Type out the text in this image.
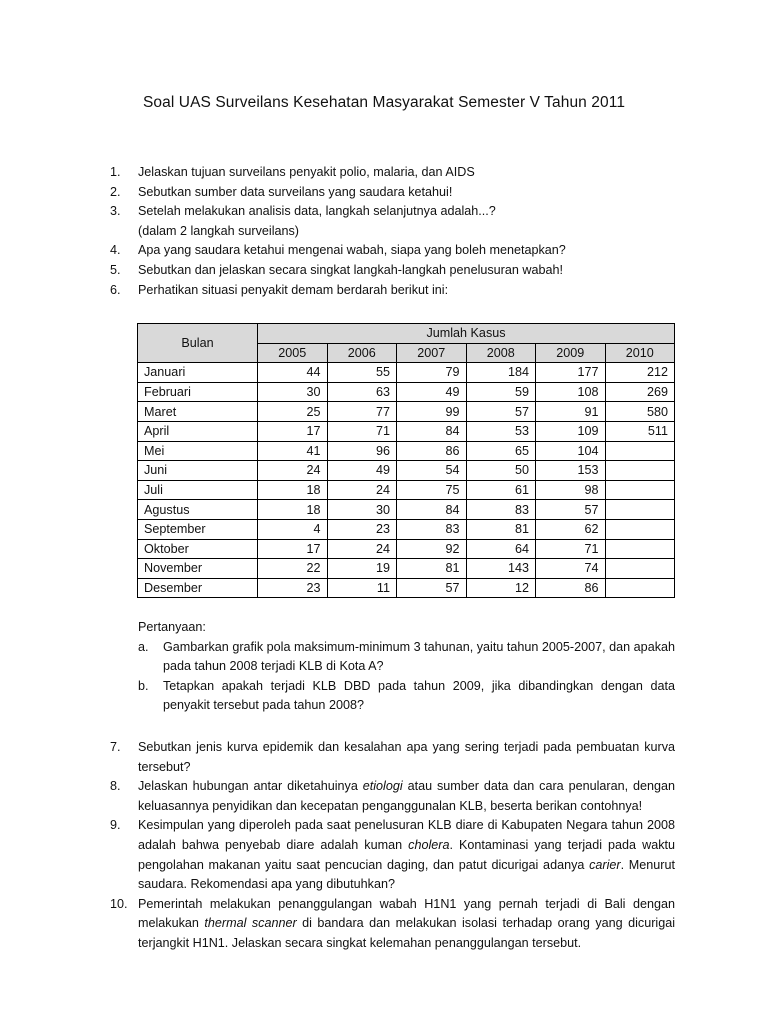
Soal UAS Surveilans Kesehatan Masyarakat Semester V Tahun 2011
1.	Jelaskan tujuan surveilans penyakit polio, malaria, dan AIDS
2.	Sebutkan sumber data surveilans yang saudara ketahui!
3.	Setelah melakukan analisis data, langkah selanjutnya adalah...?
(dalam 2 langkah surveilans)
4.	Apa yang saudara ketahui mengenai wabah, siapa yang boleh menetapkan?
5.	Sebutkan dan jelaskan secara singkat langkah-langkah penelusuran wabah!
6.	Perhatikan situasi penyakit demam berdarah berikut ini:
Bulan	Jumlah Kasus					
	2005	2006	2007	2008	2009	2010
Januari	44	55	79	184	177	212
Februari	30	63	49	59	108	269
Maret	25	77	99	57	91	580
April	17	71	84	53	109	511
Mei	41	96	86	65	104	
Juni	24	49	54	50	153	
Juli	18	24	75	61	98	
Agustus	18	30	84	83	57	
September	4	23	83	81	62	
Oktober	17	24	92	64	71	
November	22	19	81	143	74	
Desember	23	11	57	12	86	
Pertanyaan:
a.	Gambarkan grafik pola maksimum-minimum 3 tahunan, yaitu tahun 2005-2007, dan apakah pada tahun 2008 terjadi KLB di Kota A?
b.	Tetapkan apakah terjadi KLB DBD pada tahun 2009, jika dibandingkan dengan data penyakit tersebut pada tahun 2008?
7.	Sebutkan jenis kurva epidemik dan kesalahan apa yang sering terjadi pada pembuatan kurva tersebut?
8.	Jelaskan hubungan antar diketahuinya etiologi atau sumber data dan cara penularan, dengan keluasannya penyidikan dan kecepatan penganggunalan KLB, beserta berikan contohnya!
9.	Kesimpulan yang diperoleh pada saat penelusuran KLB diare di Kabupaten Negara tahun 2008 adalah bahwa penyebab diare adalah kuman cholera. Kontaminasi yang terjadi pada waktu pengolahan makanan yaitu saat pencucian daging, dan patut dicurigai adanya carier. Menurut saudara. Rekomendasi apa yang dibutuhkan?
10. Pemerintah melakukan penanggulangan wabah H1N1 yang pernah terjadi di Bali dengan melakukan thermal scanner di bandara dan melakukan isolasi terhadap orang yang dicurigai terjangkit H1N1. Jelaskan secara singkat kelemahan penanggulangan tersebut.
